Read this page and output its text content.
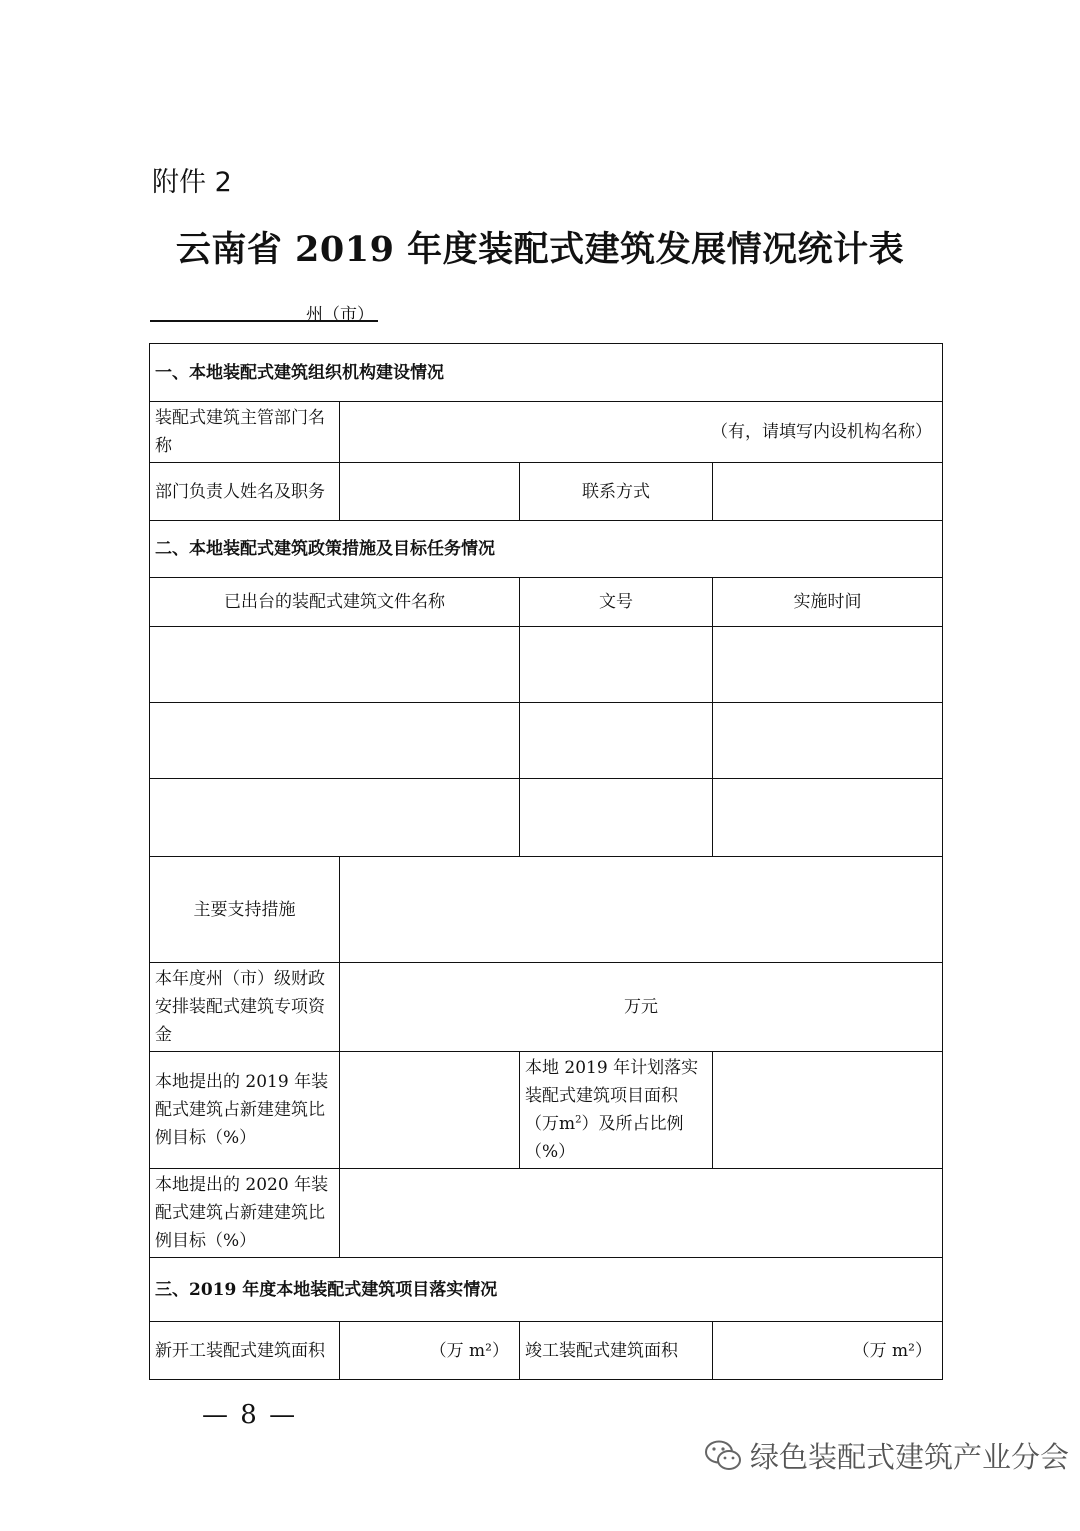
附件 2
云南省 2019 年度装配式建筑发展情况统计表
州（市）
一、本地装配式建筑组织机构建设情况			
装配式建筑主管部门名称	（有，请填写内设机构名称）		
部门负责人姓名及职务		联系方式	
二、本地装配式建筑政策措施及目标任务情况			
已出台的装配式建筑文件名称		文号	实施时间

主要支持措施			
本年度州（市）级财政安排装配式建筑专项资金	万元		
本地提出的 2019 年装配式建筑占新建建筑比例目标（%）		本地 2019 年计划落实装配式建筑项目面积（万$m^2$）及所占比例（%）	
本地提出的 2020 年装配式建筑占新建建筑比例目标（%）			
三、2019 年度本地装配式建筑项目落实情况			
新开工装配式建筑面积	（万 m²）	竣工装配式建筑面积	（万 m²）
— 8 —
绿色装配式建筑产业分会
